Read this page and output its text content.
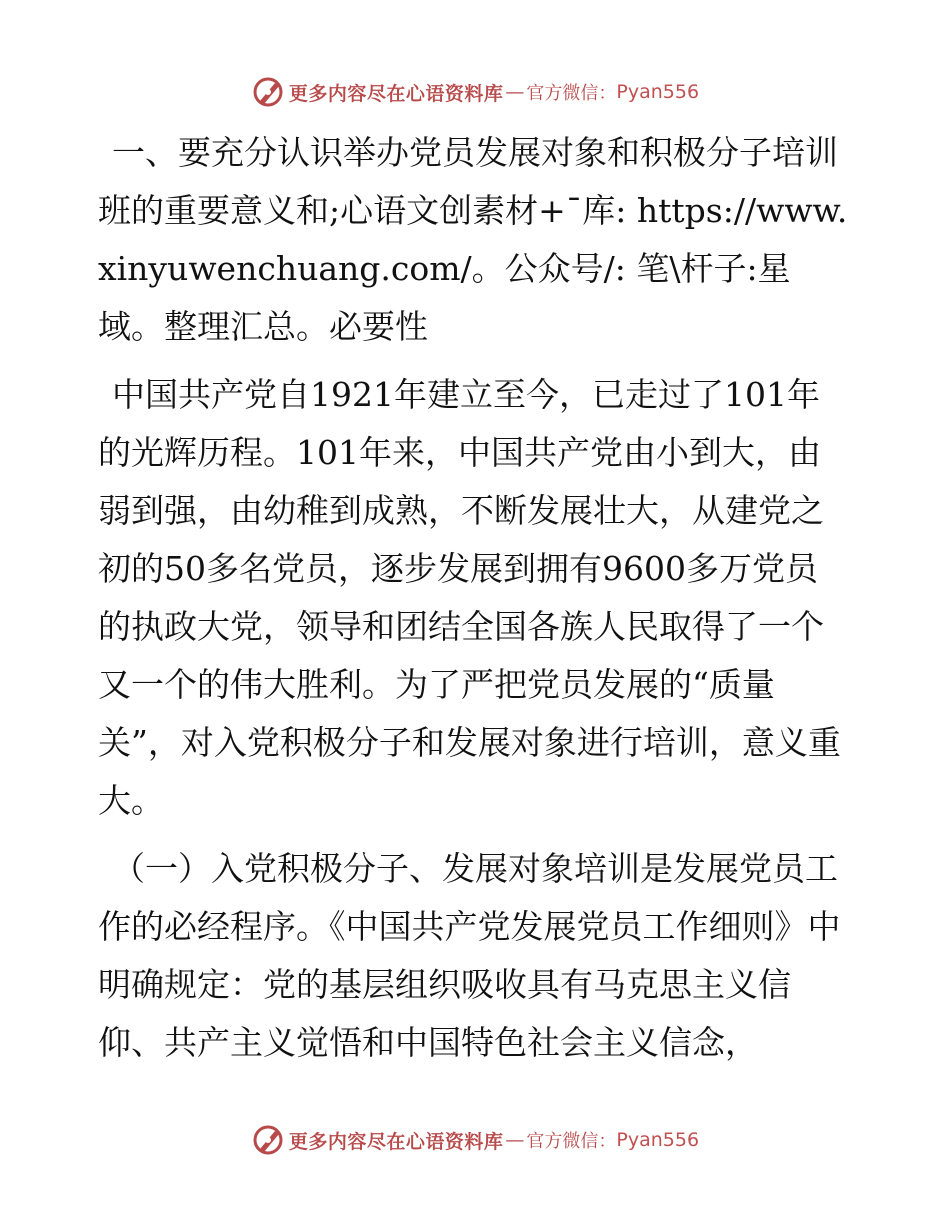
更多内容尽在心语资料库 — 官方微信： Pyan556

一、要充分认识举办党员发展对象和积极分子培训班的重要意义和;心语文创素材+¯库: https://www.xinyuwenchuang.com/。公众号/: 笔\杆子:星域。整理汇总。必要性

中国共产党自1921年建立至今，已走过了101年的光辉历程。101年来，中国共产党由小到大，由弱到强，由幼稚到成熟，不断发展壮大，从建党之初的50多名党员，逐步发展到拥有9600多万党员的执政大党，领导和团结全国各族人民取得了一个又一个的伟大胜利。为了严把党员发展的“质量关”，对入党积极分子和发展对象进行培训，意义重大。

（一）入党积极分子、发展对象培训是发展党员工作的必经程序。《中国共产党发展党员工作细则》中明确规定：党的基层组织吸收具有马克思主义信仰、共产主义觉悟和中国特色社会主义信念，

更多内容尽在心语资料库 — 官方微信： Pyan556
